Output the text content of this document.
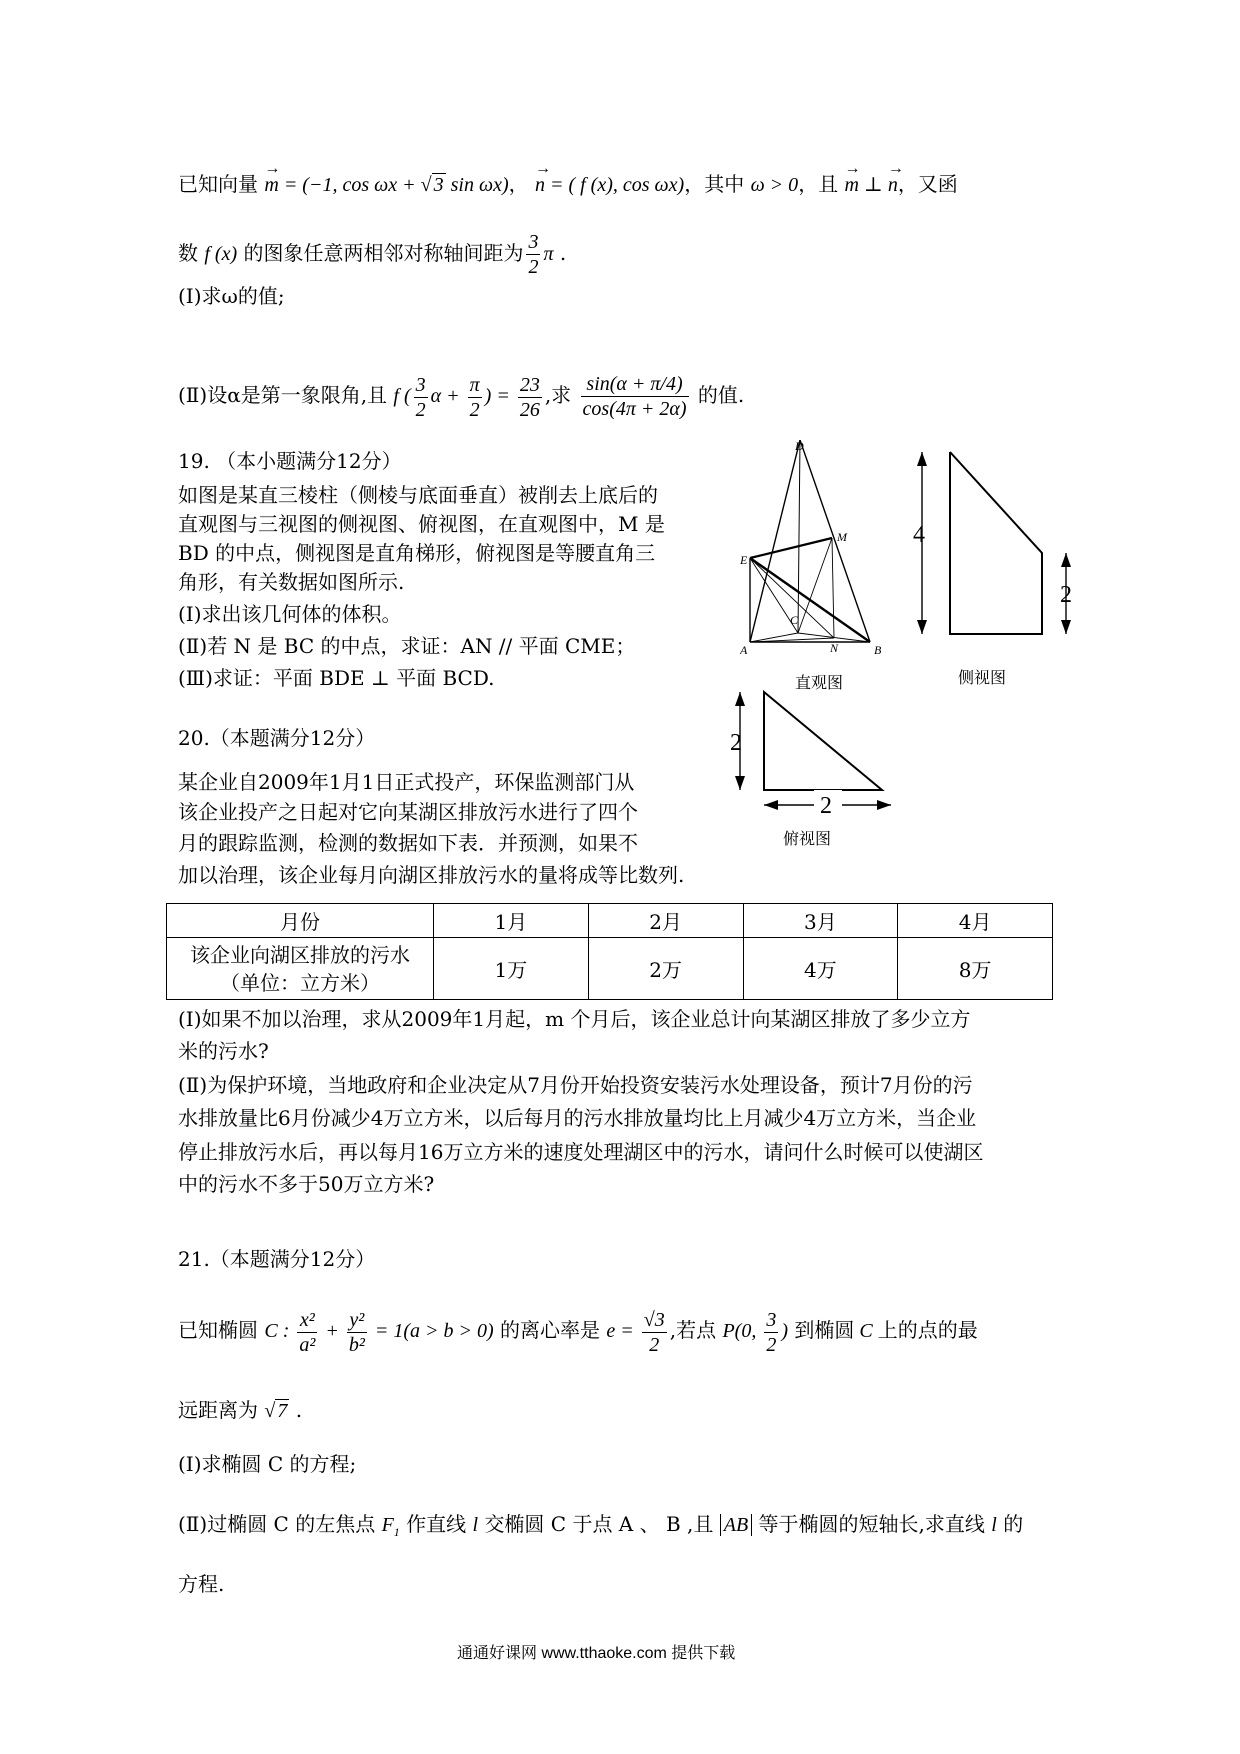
已知向量 → m = (−1, cos ωx + √ 3 sin ωx)， → n = ( f (x), cos ωx)，其中 ω > 0，且 → m ⊥ → n，又函
数 f (x) 的图象任意两相邻对称轴间距为 $\frac{3}{2}$ π .
(Ⅰ)求ω的值;
(Ⅱ)设α是第一象限角,且 f ( $\frac{3}{2}$ $\alpha + \frac{\pi}{2}$ ) = $\frac{23}{26}$ ,求 $\frac{\sin(\alpha + \pi/4)}{\cos(4\pi + 2\alpha)}$ 的值.
19. （本小题满分12分）
如图是某直三棱柱（侧棱与底面垂直）被削去上底后的
直观图与三视图的侧视图、俯视图，在直观图中，M 是
BD 的中点，侧视图是直角梯形，俯视图是等腰直角三
角形，有关数据如图所示.
(Ⅰ)求出该几何体的体积。
(Ⅱ)若 N 是 BC 的中点，求证：AN // 平面 CME；
(Ⅲ)求证：平面 BDE ⊥ 平面 BCD.
D
E
M
C
A	N	B
直观图
4
2
侧视图
2
2
俯视图
20.（本题满分12分）
某企业自2009年1月1日正式投产，环保监测部门从
该企业投产之日起对它向某湖区排放污水进行了四个
月的跟踪监测，检测的数据如下表．并预测，如果不
加以治理，该企业每月向湖区排放污水的量将成等比数列.
月份	1月	2月	3月	4月

该企业向湖区排放的污水
（单位：立方米）	1万	2万	4万	8万
(Ⅰ)如果不加以治理，求从2009年1月起，m 个月后，该企业总计向某湖区排放了多少立方
米的污水?
(Ⅱ)为保护环境，当地政府和企业决定从7月份开始投资安装污水处理设备，预计7月份的污
水排放量比6月份减少4万立方米，以后每月的污水排放量均比上月减少4万立方米，当企业
停止排放污水后，再以每月16万立方米的速度处理湖区中的污水，请问什么时候可以使湖区
中的污水不多于50万立方米?
21.（本题满分12分）
已知椭圆 C : $\frac{\text{x²}}{\text{a²}} + \frac{\text{y²}}{\text{b²}} = 1(a > b > 0)$ 的离心率是 $e = \frac{√3}{2}$ ,若点 P(0, $\frac{3}{2}$ ) 到椭圆 C 上的点的最
远距离为 √ 7 .
(Ⅰ)求椭圆 C 的方程;
(Ⅱ)过椭圆 C 的左焦点 $F_1$ 作直线 l 交椭圆 C 于点 A 、 B ,且 AB 等于椭圆的短轴长,求直线 l 的
方程.
通通好课网 www.tthaoke.com 提供下载
